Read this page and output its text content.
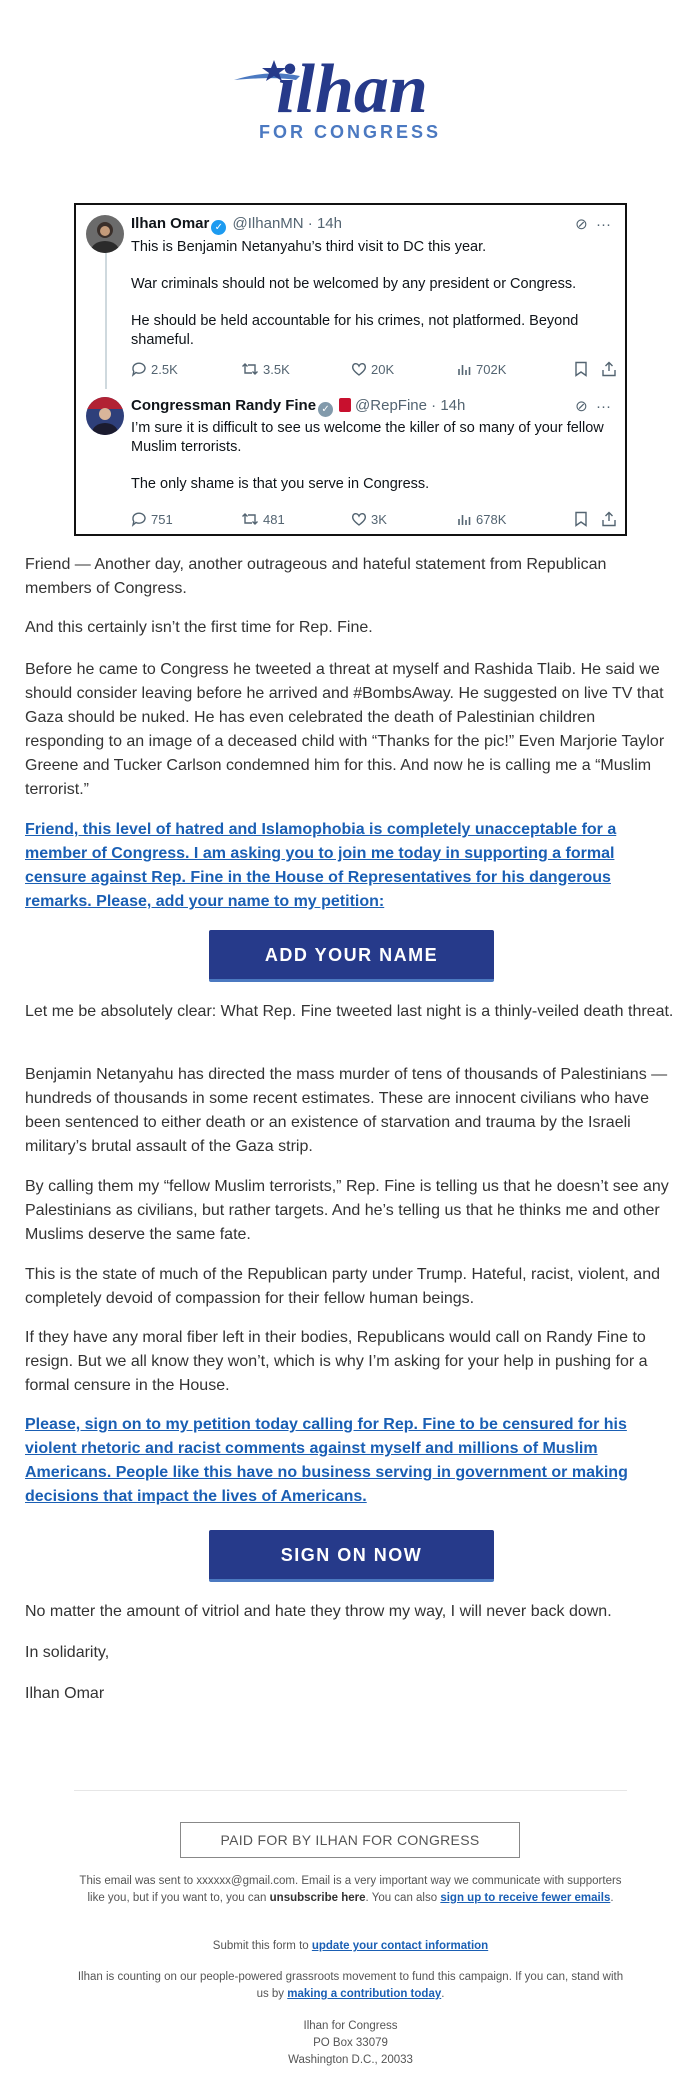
ilhan
FOR CONGRESS
Ilhan Omar ✓ @IlhanMN · 14h	⊘ ···

This is Benjamin Netanyahu’s third visit to DC this year.

War criminals should not be welcomed by any president or Congress.

He should be held accountable for his crimes, not platformed. Beyond shameful.

2.5K	3.5K	20K	702K
Congressman Randy Fine ✓ @RepFine · 14h	⊘ ···

I’m sure it is difficult to see us welcome the killer of so many of your fellow Muslim terrorists.

The only shame is that you serve in Congress.

751	481	3K	678K
Friend — Another day, another outrageous and hateful statement from Republican members of Congress.
And this certainly isn’t the first time for Rep. Fine.
Before he came to Congress he tweeted a threat at myself and Rashida Tlaib. He said we should consider leaving before he arrived and #BombsAway. He suggested on live TV that Gaza should be nuked. He has even celebrated the death of Palestinian children responding to an image of a deceased child with “Thanks for the pic!” Even Marjorie Taylor Greene and Tucker Carlson condemned him for this. And now he is calling me a “Muslim terrorist.”
Friend, this level of hatred and Islamophobia is completely unacceptable for a member of Congress. I am asking you to join me today in supporting a formal censure against Rep. Fine in the House of Representatives for his dangerous remarks. Please, add your name to my petition:
ADD YOUR NAME
Let me be absolutely clear: What Rep. Fine tweeted last night is a thinly-veiled death threat.
Benjamin Netanyahu has directed the mass murder of tens of thousands of Palestinians — hundreds of thousands in some recent estimates. These are innocent civilians who have been sentenced to either death or an existence of starvation and trauma by the Israeli military’s brutal assault of the Gaza strip.
By calling them my “fellow Muslim terrorists,” Rep. Fine is telling us that he doesn’t see any Palestinians as civilians, but rather targets. And he’s telling us that he thinks me and other Muslims deserve the same fate.
This is the state of much of the Republican party under Trump. Hateful, racist, violent, and completely devoid of compassion for their fellow human beings.
If they have any moral fiber left in their bodies, Republicans would call on Randy Fine to resign. But we all know they won’t, which is why I’m asking for your help in pushing for a formal censure in the House.
Please, sign on to my petition today calling for Rep. Fine to be censured for his violent rhetoric and racist comments against myself and millions of Muslim Americans. People like this have no business serving in government or making decisions that impact the lives of Americans.
SIGN ON NOW
No matter the amount of vitriol and hate they throw my way, I will never back down.
In solidarity,
Ilhan Omar
PAID FOR BY ILHAN FOR CONGRESS
This email was sent to xxxxxx@gmail.com. Email is a very important way we communicate with supporters like you, but if you want to, you can unsubscribe here. You can also sign up to receive fewer emails.
Submit this form to update your contact information
Ilhan is counting on our people-powered grassroots movement to fund this campaign. If you can, stand with us by making a contribution today.
Ilhan for Congress
PO Box 33079
Washington D.C., 20033
